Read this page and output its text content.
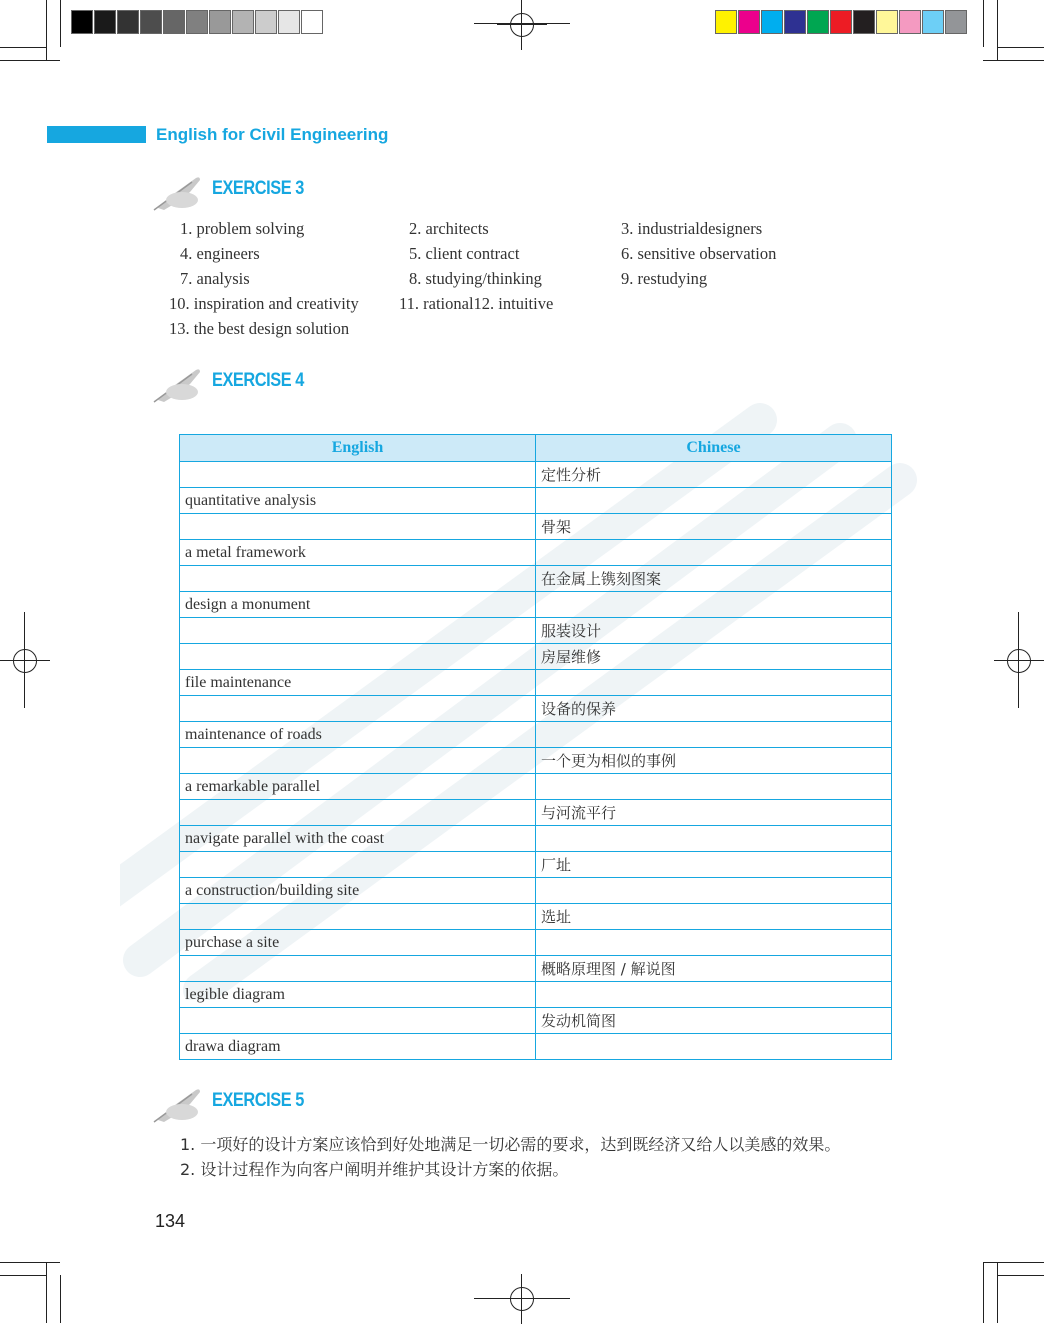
English for Civil Engineering
EXERCISE 3
1. problem solving	2. architects	3. industrialdesigners
4. engineers	5. client contract	6. sensitive observation
7. analysis	8. studying/thinking	9. restudying
10. inspiration and creativity 11. rational12. intuitive
13. the best design solution
EXERCISE 4
English	Chinese
	定性分析
quantitative analysis	
	骨架
a metal framework	
	在金属上镌刻图案
design a monument	
	服装设计
	房屋维修
file maintenance	
	设备的保养
maintenance of roads	
	一个更为相似的事例
a remarkable parallel	
	与河流平行
navigate parallel with the coast	
	厂址
a construction/building site	
	选址
purchase a site	
	概略原理图 / 解说图
legible diagram	
	发动机简图
drawa diagram	
EXERCISE 5
1. 一项好的设计方案应该恰到好处地满足一切必需的要求，达到既经济又给人以美感的效果。
2. 设计过程作为向客户阐明并维护其设计方案的依据。
134
